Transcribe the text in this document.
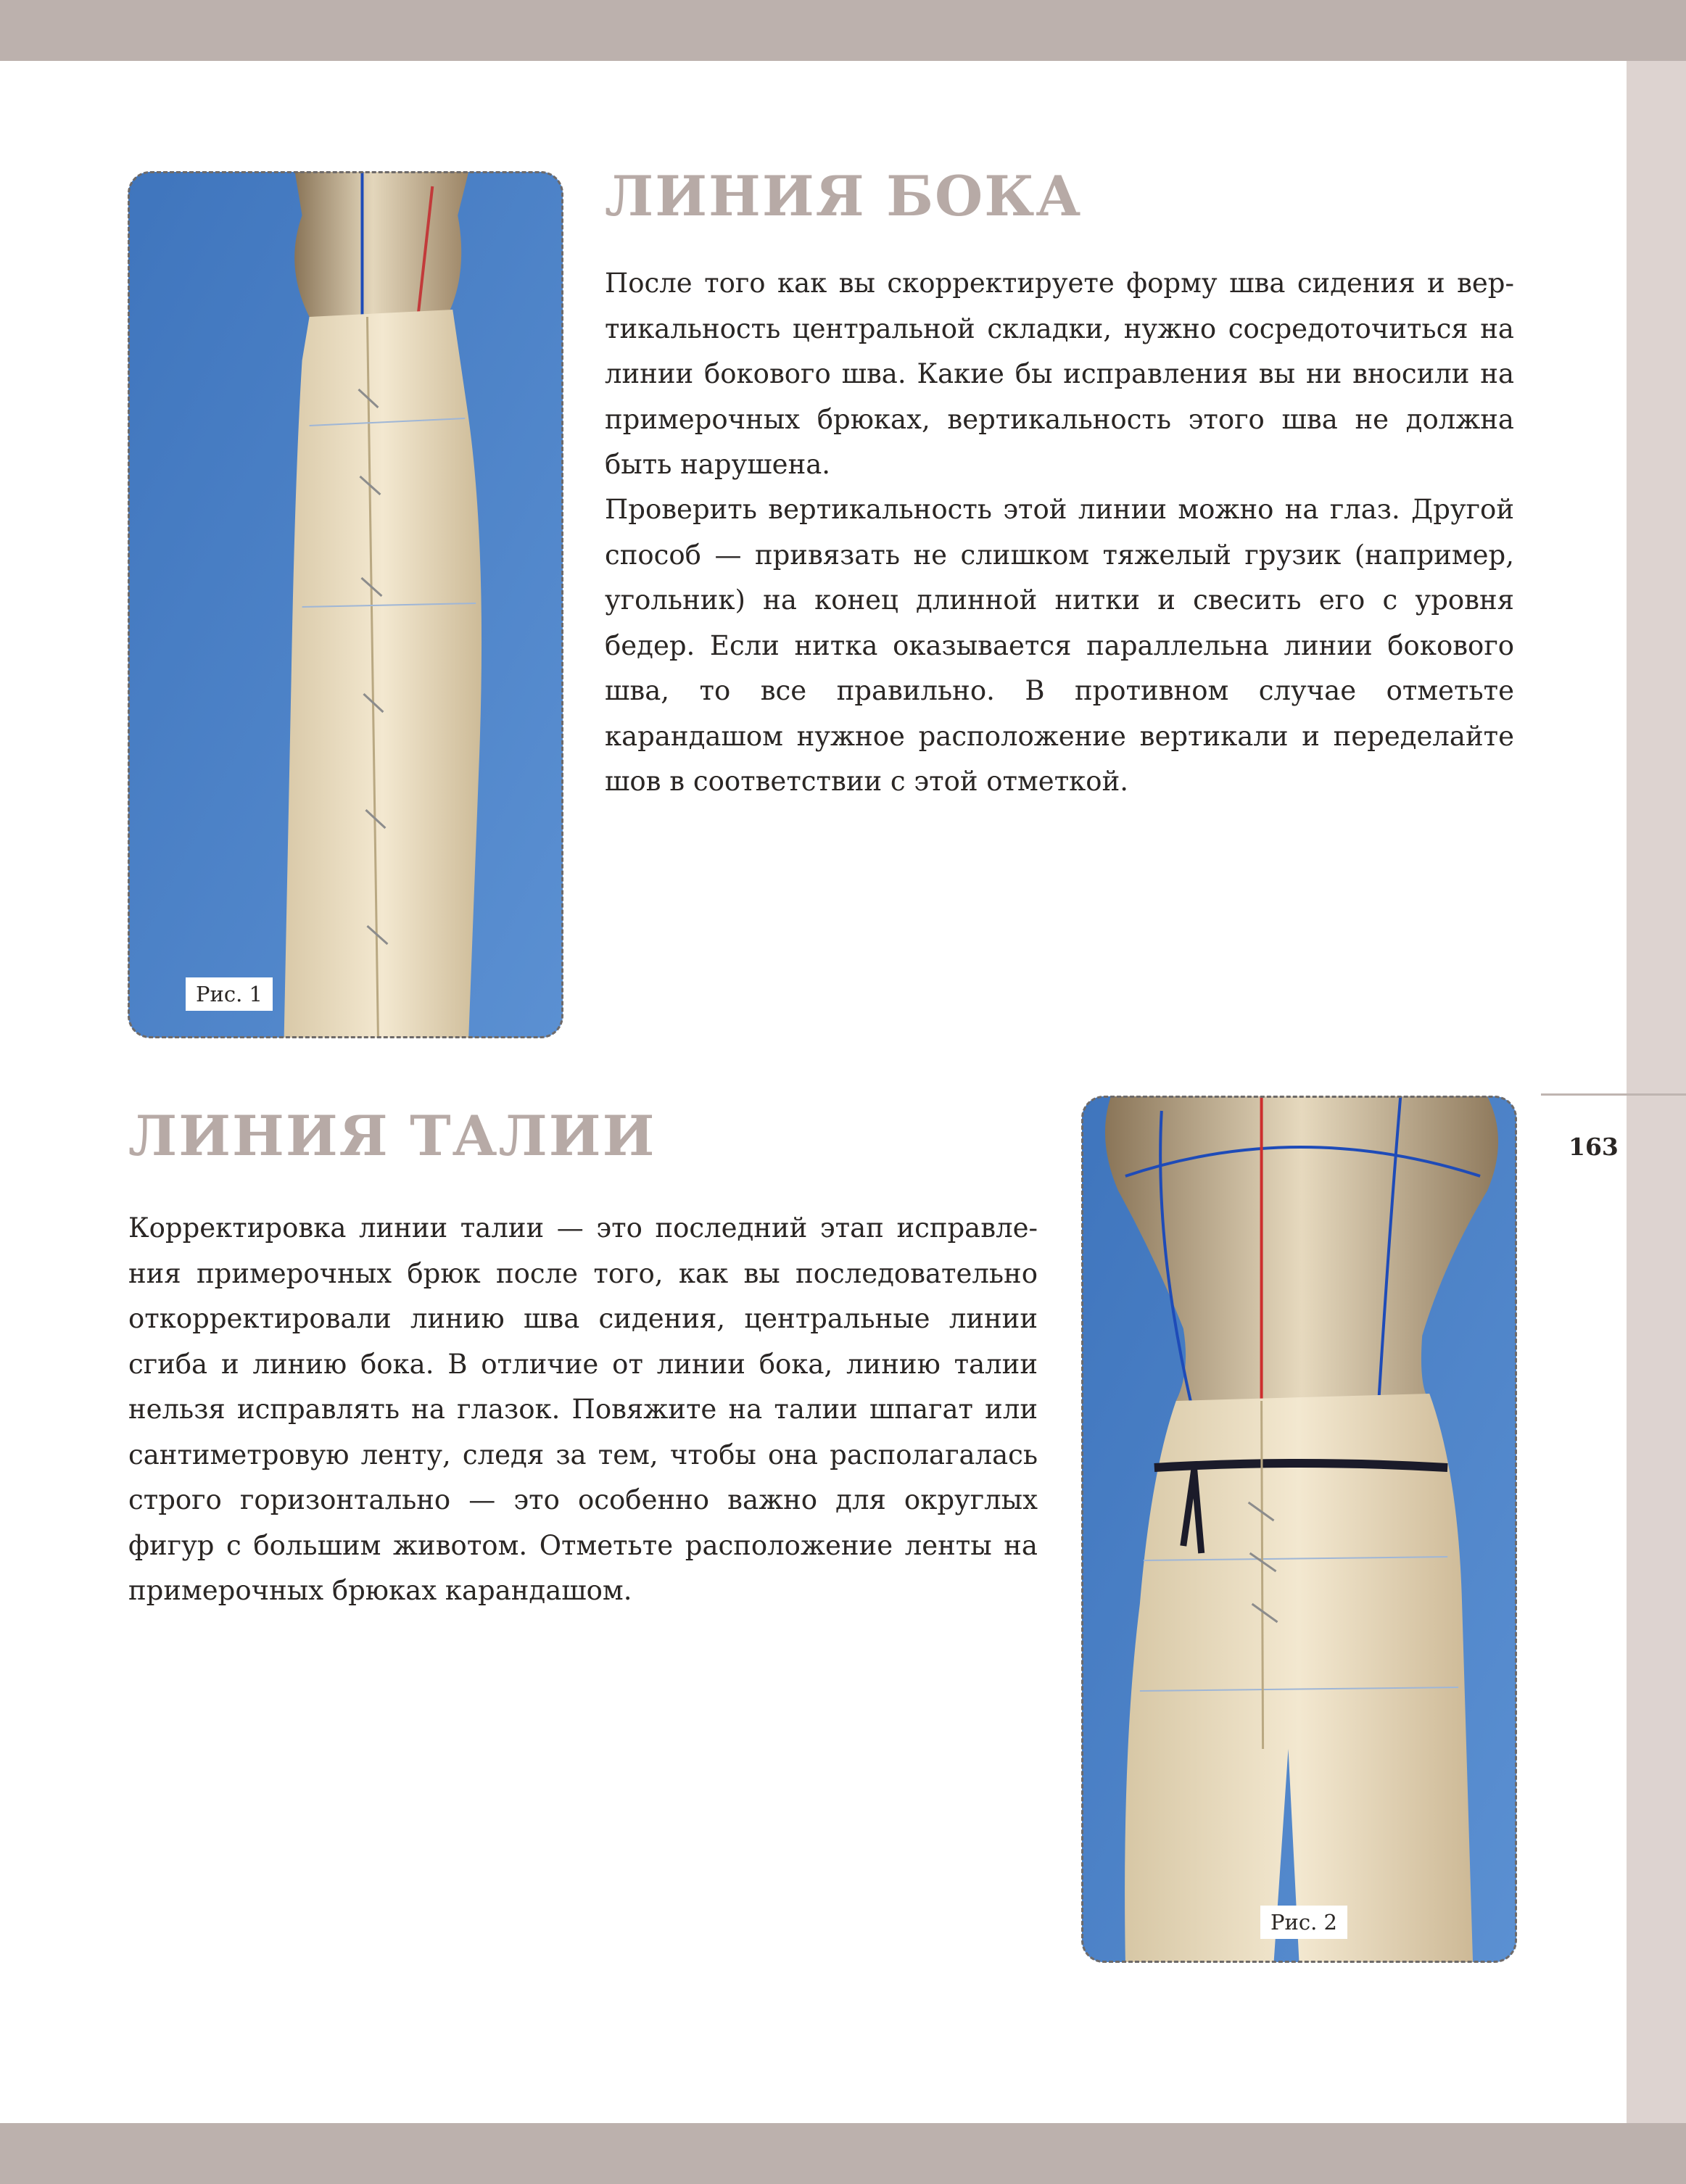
163
Рис. 1
ЛИНИЯ БОКА

После того как вы скорректируете форму шва сидения и вертикальность центральной складки, нужно сосредоточиться на линии бокового шва. Какие бы исправления вы ни вносили на примерочных брюках, вертикальность этого шва не должна быть нарушена.

Проверить вертикальность этой линии можно на глаз. Другой способ — привязать не слишком тяжелый грузик (например, угольник) на конец длинной нитки и свесить его с уровня бедер. Если нитка оказывается параллельна линии бокового шва, то все правильно. В противном случае отметьте карандашом нужное расположение вертикали и переделайте шов в соответствии с этой отметкой.

ЛИНИЯ ТАЛИИ

Корректировка линии талии — это последний этап исправления примерочных брюк после того, как вы последовательно откорректировали линию шва сидения, центральные линии сгиба и линию бока. В отличие от линии бока, линию талии нельзя исправлять на глазок. Повяжите на талии шпагат или сантиметровую ленту, следя за тем, чтобы она располагалась строго горизонтально — это особенно важно для округлых фигур с большим животом. Отметьте расположение ленты на примерочных брюках карандашом.

Рис. 2
